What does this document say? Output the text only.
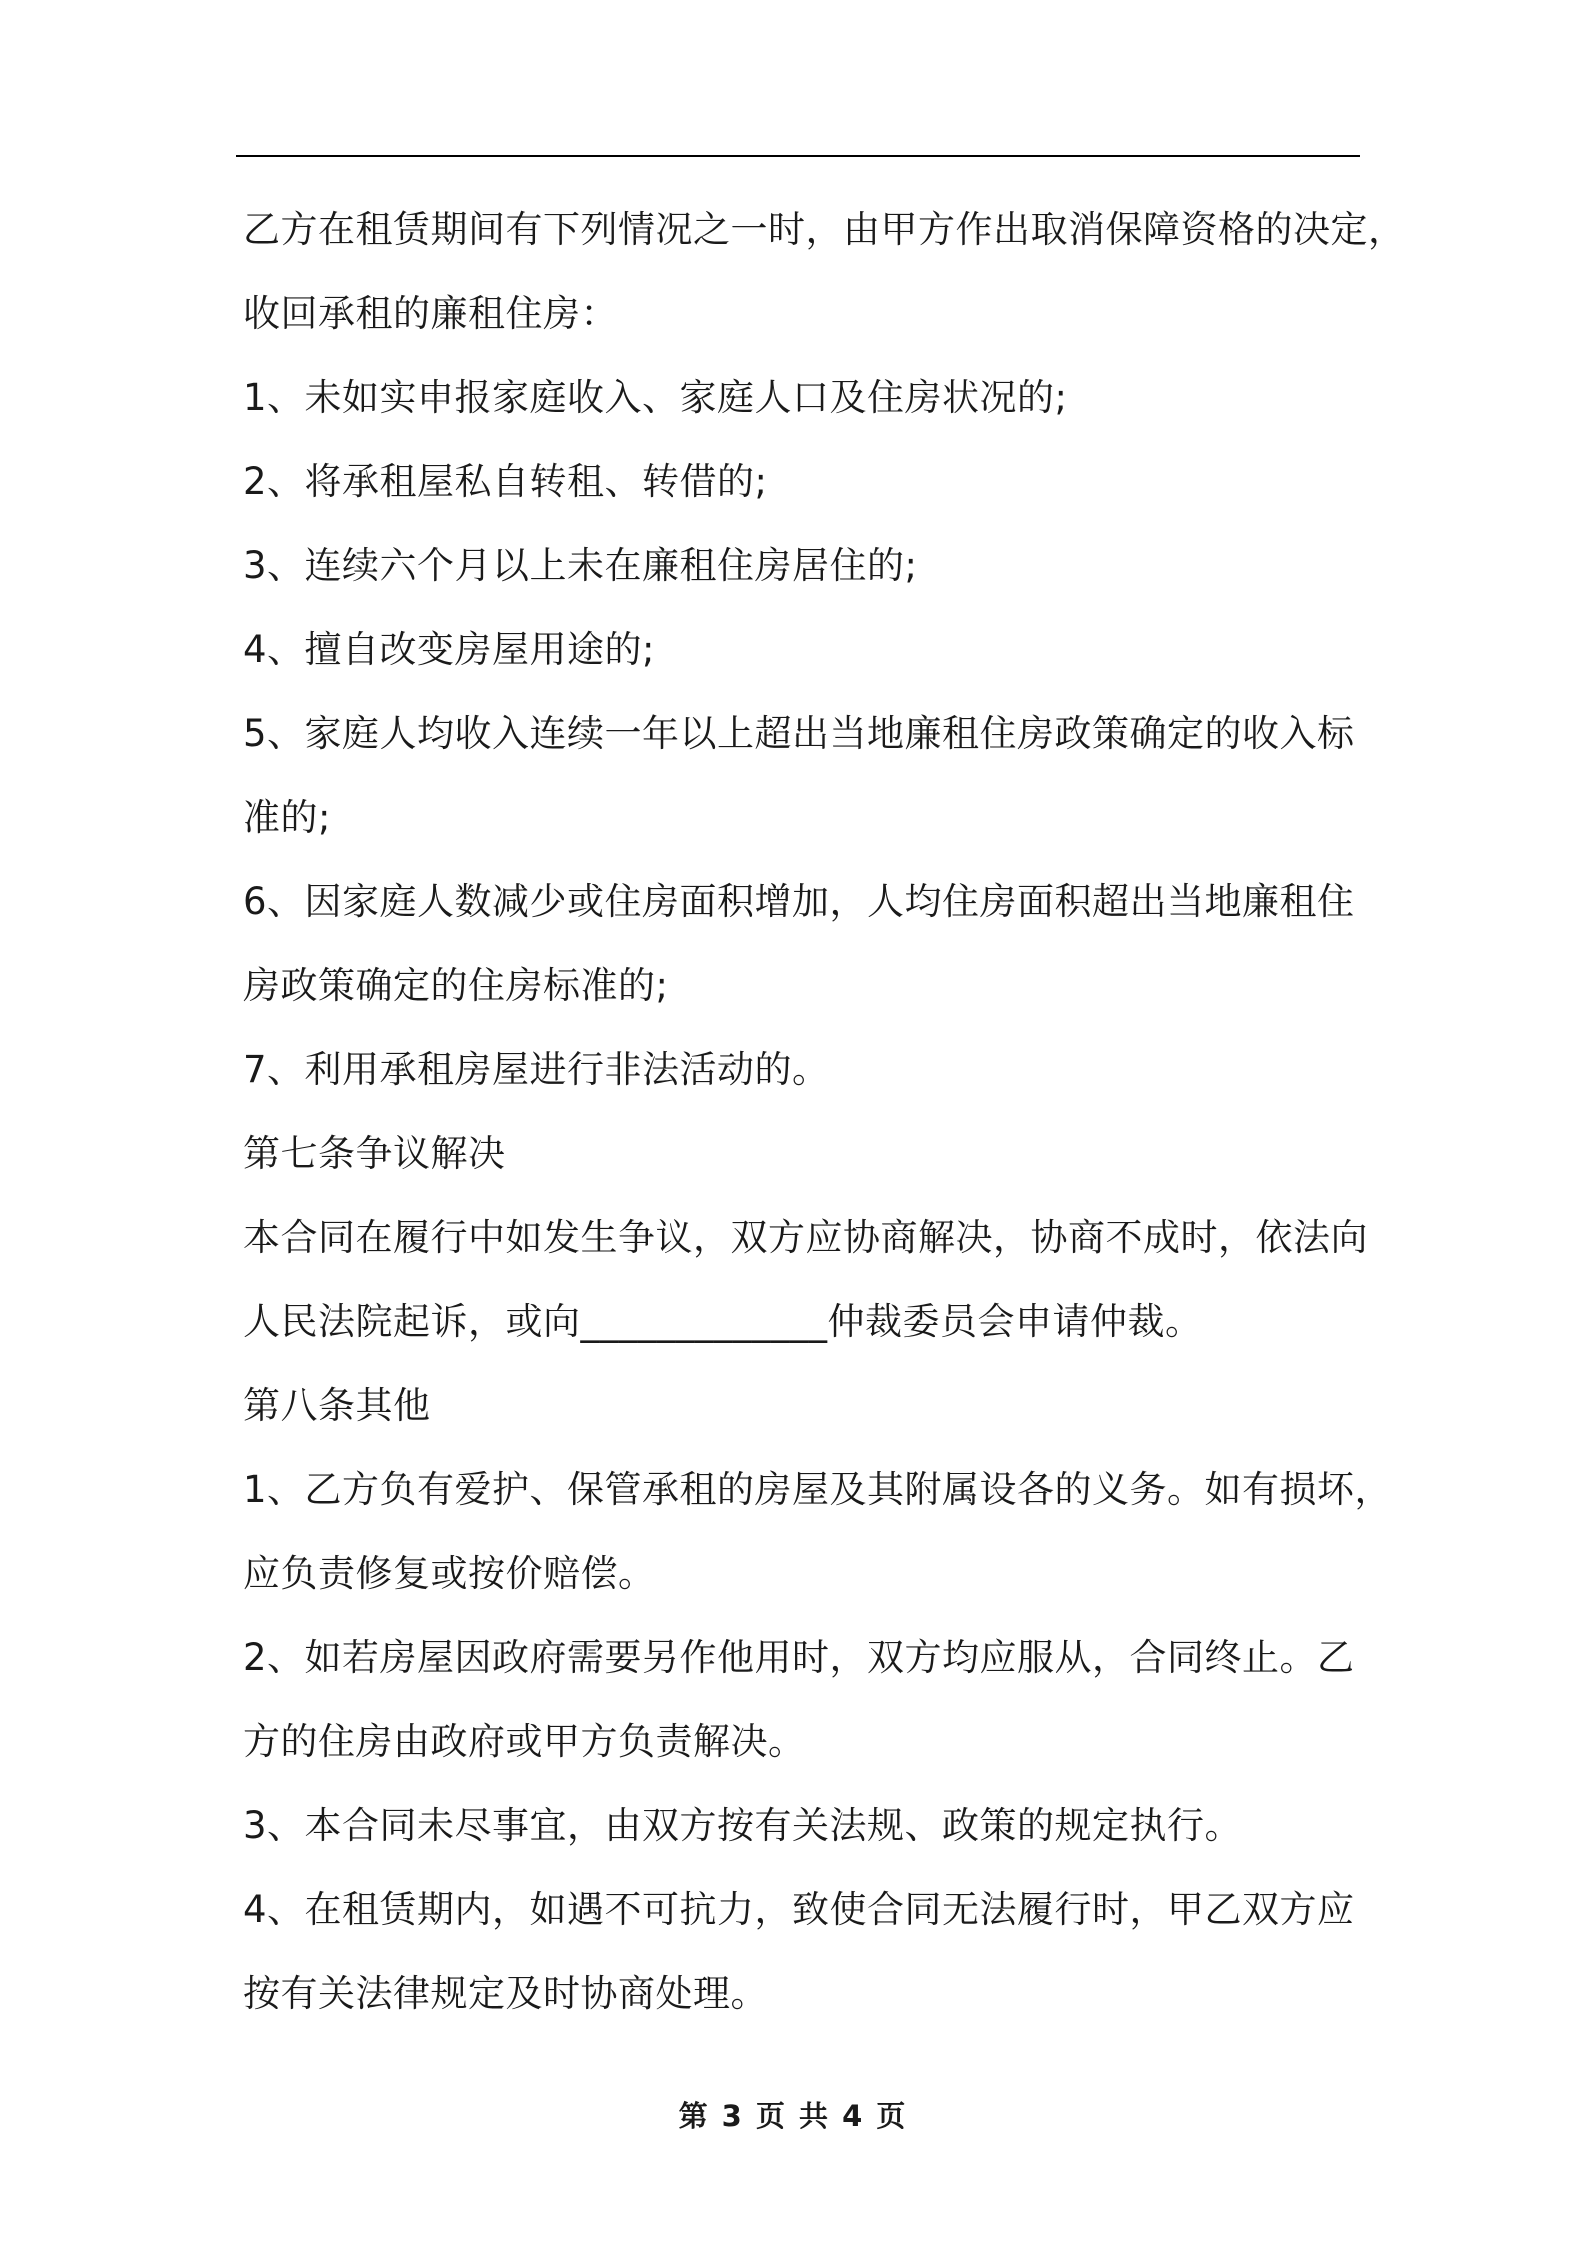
乙方在租赁期间有下列情况之一时，由甲方作出取消保障资格的决定，
收回承租的廉租住房：
1、未如实申报家庭收入、家庭人口及住房状况的;
2、将承租屋私自转租、转借的;
3、连续六个月以上未在廉租住房居住的;
4、擅自改变房屋用途的;
5、家庭人均收入连续一年以上超出当地廉租住房政策确定的收入标
准的;
6、因家庭人数减少或住房面积增加，人均住房面积超出当地廉租住
房政策确定的住房标准的;
7、利用承租房屋进行非法活动的。
第七条争议解决
本合同在履行中如发生争议，双方应协商解决，协商不成时，依法向
人民法院起诉，或向_____________仲裁委员会申请仲裁。
第八条其他
1、乙方负有爱护、保管承租的房屋及其附属设各的义务。如有损坏，
应负责修复或按价赔偿。
2、如若房屋因政府需要另作他用时，双方均应服从，合同终止。乙
方的住房由政府或甲方负责解决。
3、本合同未尽事宜，由双方按有关法规、政策的规定执行。
4、在租赁期内，如遇不可抗力，致使合同无法履行时，甲乙双方应
按有关法律规定及时协商处理。
第 3 页 共 4 页
